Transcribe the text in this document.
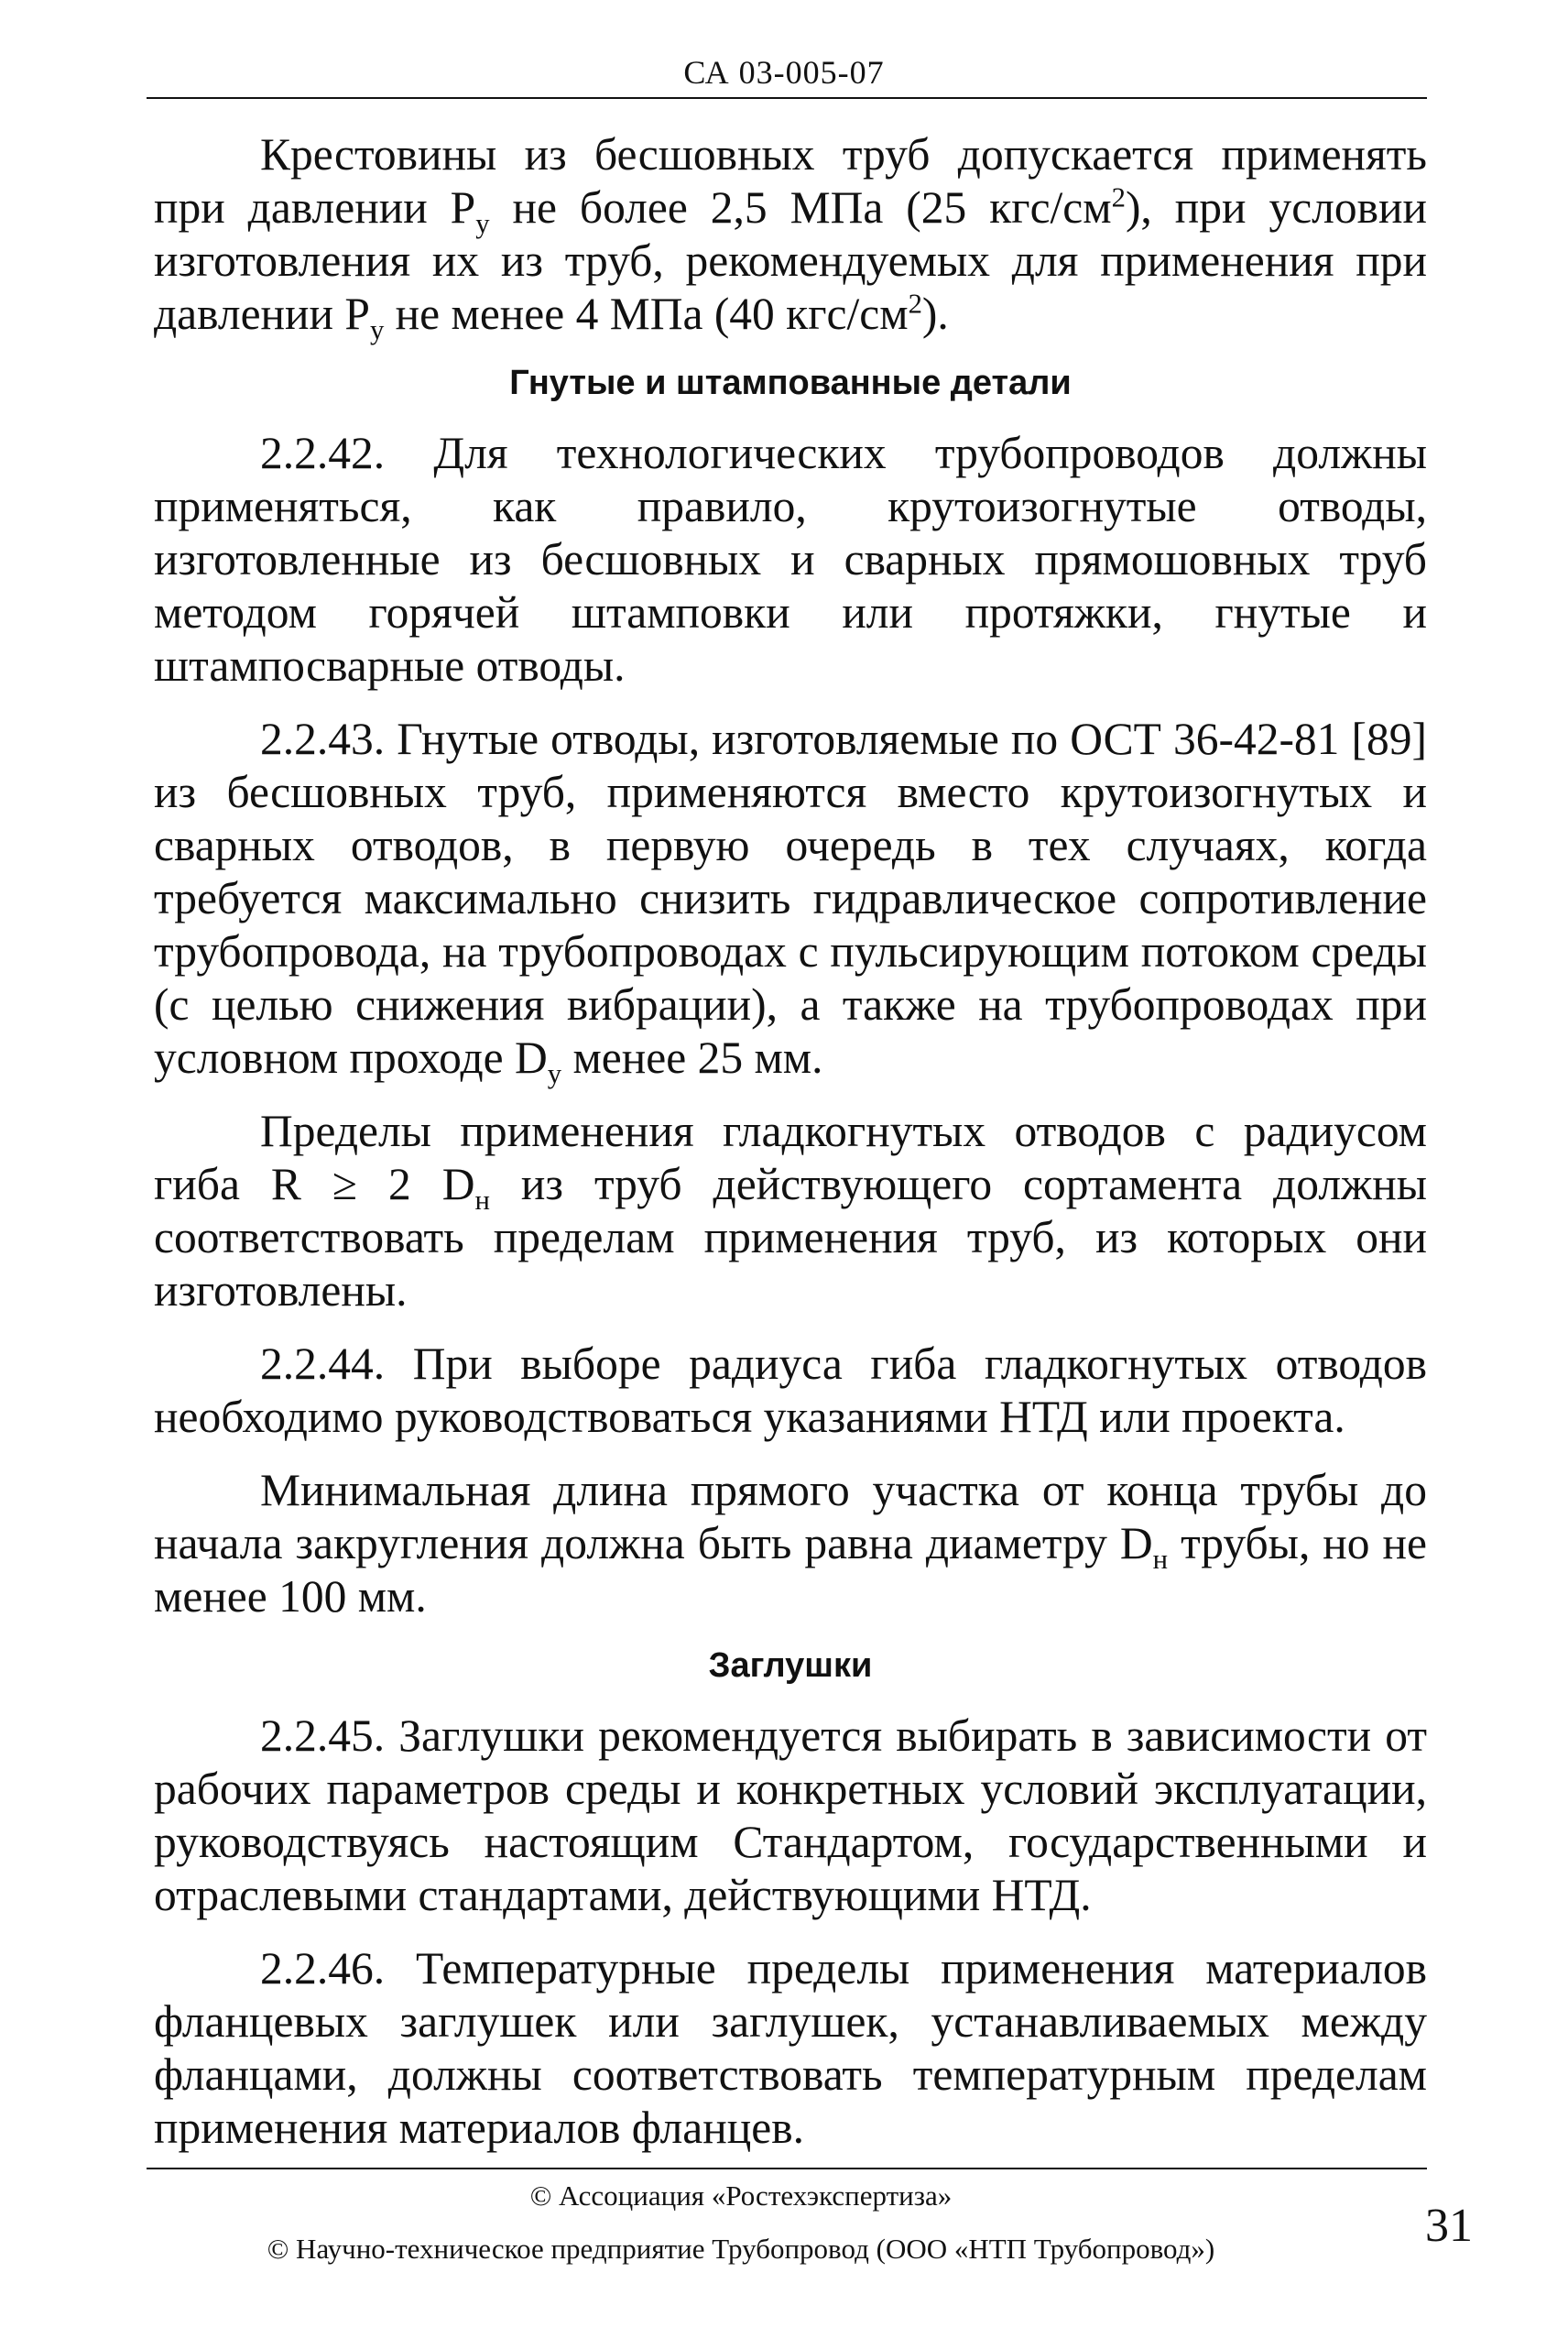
СА 03-005-07

Крестовины из бесшовных труб допускается применять при давлении $P_у$ не более 2,5 МПа (25 кгс/$см^2$), при условии изготовления их из труб, рекомендуемых для применения при давлении $P_у$ не менее 4 МПа (40 кгс/$см^2$).

Гнутые и штампованные детали

2.2.42. Для технологических трубопроводов должны применяться, как правило, крутоизогнутые отводы, изготовленные из бесшовных и сварных прямошовных труб методом горячей штамповки или протяжки, гнутые и штампосварные отводы.

2.2.43. Гнутые отводы, изготовляемые по ОСТ 36-42-81 [89] из бесшовных труб, применяются вместо крутоизогнутых и сварных отводов, в первую очередь в тех случаях, когда требуется максимально снизить гидравлическое сопротивление трубопровода, на трубопроводах с пульсирующим потоком среды (с целью снижения вибрации), а также на трубопроводах при условном проходе $D_у$ менее 25 мм.

Пределы применения гладкогнутых отводов с радиусом гиба R ≥ 2 $D_н$ из труб действующего сортамента должны соответствовать пределам применения труб, из которых они изготовлены.

2.2.44. При выборе радиуса гиба гладкогнутых отводов необходимо руководствоваться указаниями НТД или проекта.

Минимальная длина прямого участка от конца трубы до начала закругления должна быть равна диаметру $D_н$ трубы, но не менее 100 мм.

Заглушки

2.2.45. Заглушки рекомендуется выбирать в зависимости от рабочих параметров среды и конкретных условий эксплуатации, руководствуясь настоящим Стандартом, государственными и отраслевыми стандартами, действующими НТД.

2.2.46. Температурные пределы применения материалов фланцевых заглушек или заглушек, устанавливаемых между фланцами, должны соответствовать температурным пределам применения материалов фланцев.

© Ассоциация «Ростехэкспертиза»
© Научно-техническое предприятие Трубопровод (ООО «НТП Трубопровод»)	31
